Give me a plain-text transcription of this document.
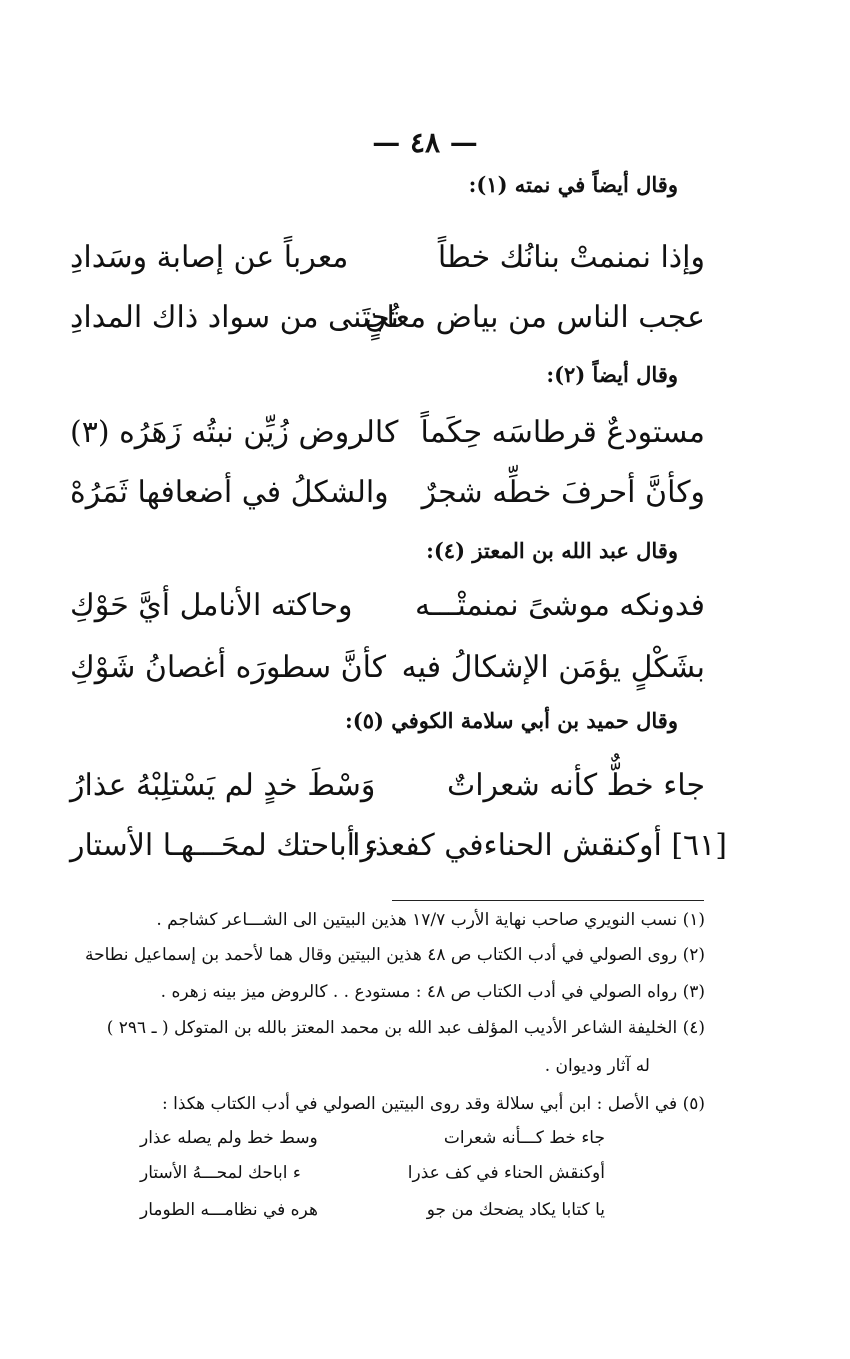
— ٤٨ —
وقال أيضاً في نمته (١):
وإذا نمنمتْ بنانُك خطاً
معرباً عن إصابة وسَدادِ
عجب الناس من بياض معانٍ
تُجتَنى من سواد ذاك المدادِ
وقال أيضاً (٢):
مستودعٌ قرطاسَه حِكَماً
كالروض زُيِّن نبتُه زَهَرُه (٣)
وكأنَّ أحرفَ خطِّه شجرٌ
والشكلُ في أضعافها ثَمَرُهْ
وقال عبد الله بن المعتز (٤):
فدونكه موشىً نمنمتْـــه
وحاكته الأنامل أيَّ حَوْكِ
بشَكْلٍ يؤمَن الإشكالُ فيه
كأنَّ سطورَه أغصانُ شَوْكِ
وقال حميد بن أبي سلامة الكوفي (٥):
جاء خطٌّ كأنه شعراتٌ
وَسْطَ خدٍ لم يَسْتلِبْهُ عذارُ
[٦١] أوكنقش الحناءفي كفعذرا
ء أباحتك لمحَـــهـا الأستار
(١) نسب النويري صاحب نهاية الأرب ١٧/٧ هذين البيتين الى الشـــاعر كشاجم .
(٢) روى الصولي في أدب الكتاب ص ٤٨ هذين البيتين وقال هما لأحمد بن إسماعيل نطاحة
(٣) رواه الصولي في أدب الكتاب ص ٤٨ : مستودع . . كالروض ميز بينه زهره .
(٤) الخليفة الشاعر الأديب المؤلف عبد الله بن محمد المعتز بالله بن المتوكل ( ـ ٢٩٦ )
له آثار وديوان .
(٥) في الأصل : ابن أبي سلالة وقد روى البيتين الصولي في أدب الكتاب هكذا :
جاء خط كـــأنه شعرات
وسط خط ولم يصله عذار
أوكنقش الحناء في كف عذرا
ء اباحك لمحـــهُ الأستار
يا كتابا يكاد يضحك من جو
هره في نظامـــه الطومار
